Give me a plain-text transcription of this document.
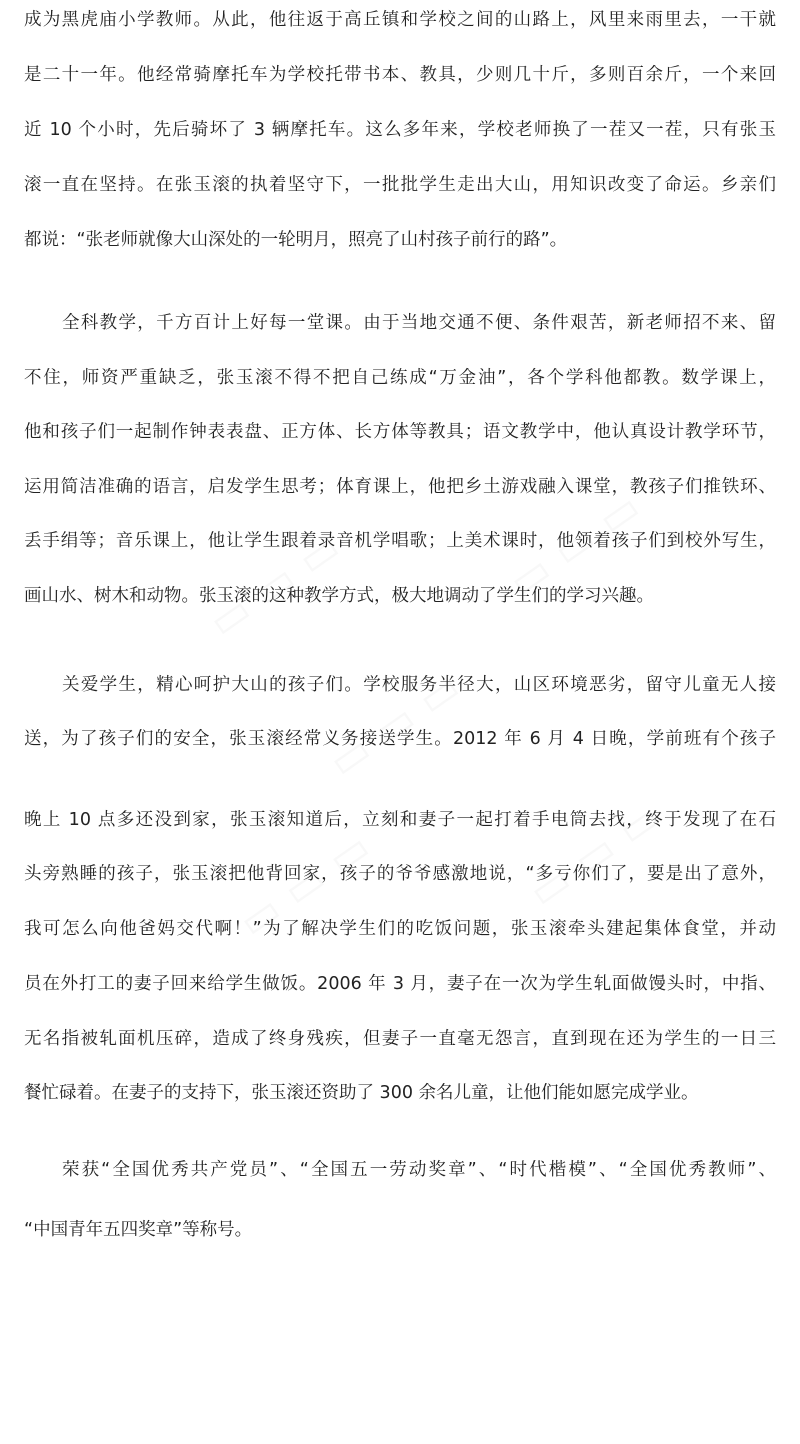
▭ ▭ ▭	▭ ▭ ▭
▭ ▭ ▭
▭ ▭ ▭
▭ ▭ ▭
成为黑虎庙小学教师。从此，他往返于高丘镇和学校之间的山路上，风里来雨里去，一干就
是二十一年。他经常骑摩托车为学校托带书本、教具，少则几十斤，多则百余斤，一个来回
近 10 个小时，先后骑坏了 3 辆摩托车。这么多年来，学校老师换了一茬又一茬，只有张玉
滚一直在坚持。在张玉滚的执着坚守下，一批批学生走出大山，用知识改变了命运。乡亲们
都说：“张老师就像大山深处的一轮明月，照亮了山村孩子前行的路”。
全科教学，千方百计上好每一堂课。由于当地交通不便、条件艰苦，新老师招不来、留
不住，师资严重缺乏，张玉滚不得不把自己练成“万金油”，各个学科他都教。数学课上，
他和孩子们一起制作钟表表盘、正方体、长方体等教具；语文教学中，他认真设计教学环节，
运用简洁准确的语言，启发学生思考；体育课上，他把乡土游戏融入课堂，教孩子们推铁环、
丢手绢等；音乐课上，他让学生跟着录音机学唱歌；上美术课时，他领着孩子们到校外写生，
画山水、树木和动物。张玉滚的这种教学方式，极大地调动了学生们的学习兴趣。
关爱学生，精心呵护大山的孩子们。学校服务半径大，山区环境恶劣，留守儿童无人接
送，为了孩子们的安全，张玉滚经常义务接送学生。2012 年 6 月 4 日晚，学前班有个孩子
晚上 10 点多还没到家，张玉滚知道后，立刻和妻子一起打着手电筒去找，终于发现了在石
头旁熟睡的孩子，张玉滚把他背回家，孩子的爷爷感激地说，“多亏你们了，要是出了意外，
我可怎么向他爸妈交代啊！”为了解决学生们的吃饭问题，张玉滚牵头建起集体食堂，并动
员在外打工的妻子回来给学生做饭。2006 年 3 月，妻子在一次为学生轧面做馒头时，中指、
无名指被轧面机压碎，造成了终身残疾，但妻子一直毫无怨言，直到现在还为学生的一日三
餐忙碌着。在妻子的支持下，张玉滚还资助了 300 余名儿童，让他们能如愿完成学业。
荣获“全国优秀共产党员”、“全国五一劳动奖章”、“时代楷模”、“全国优秀教师”、
“中国青年五四奖章”等称号。
